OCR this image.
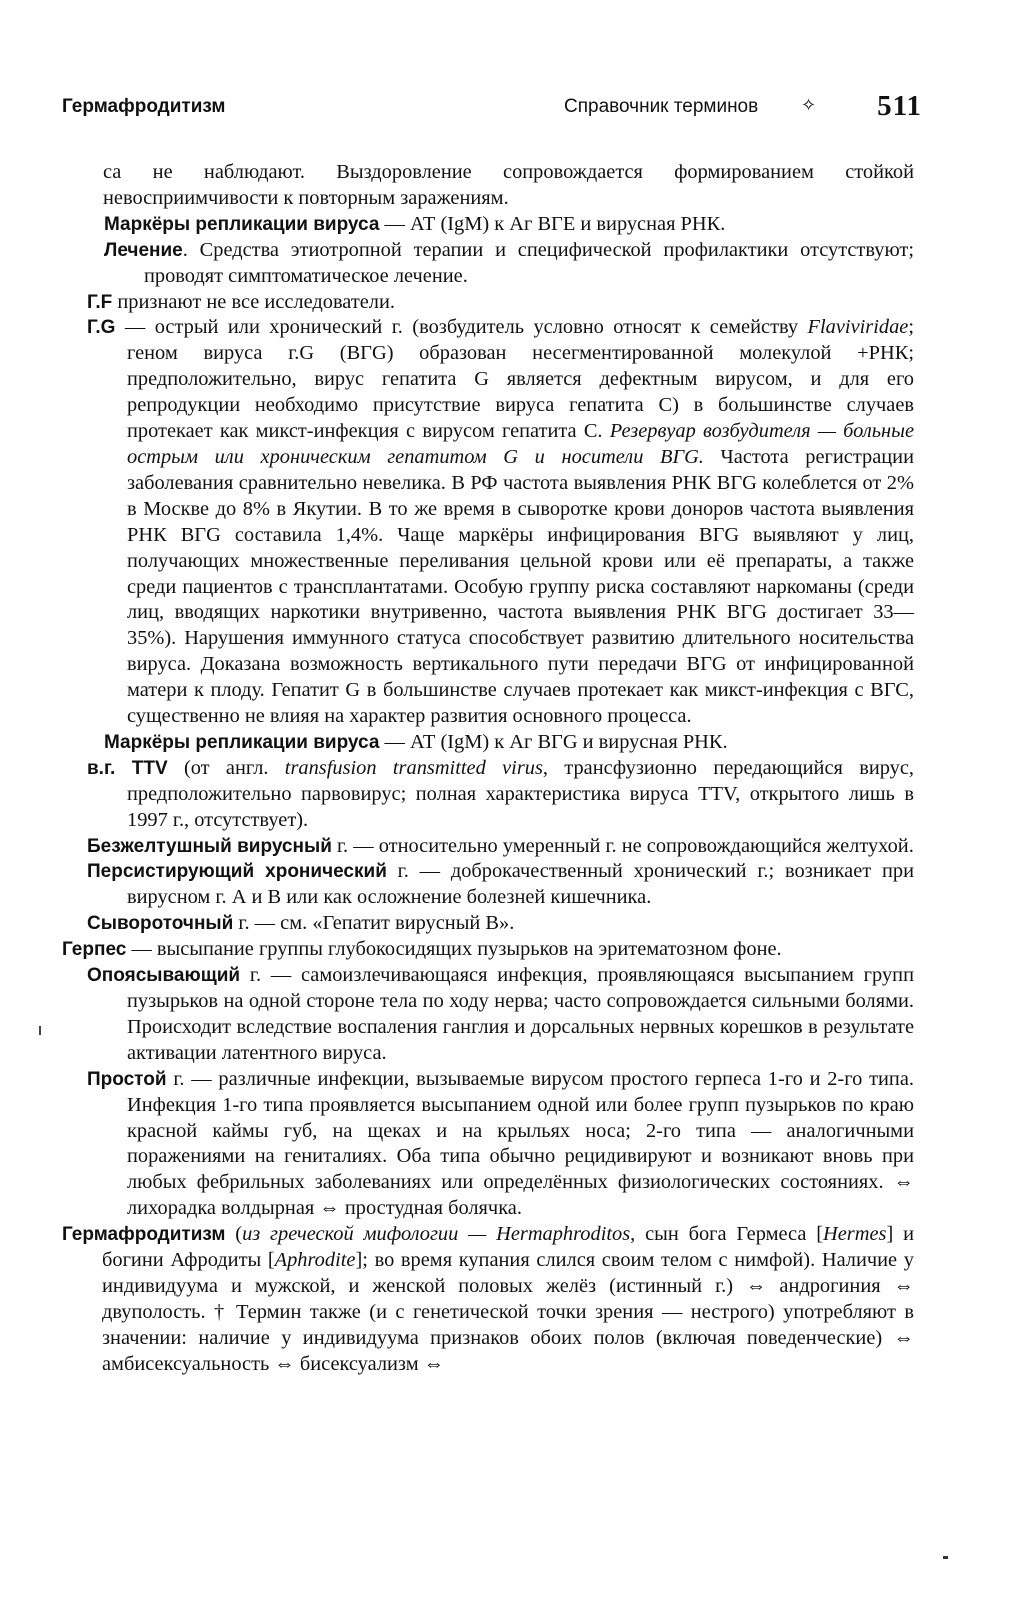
Гермафродитизм	Справочник терминов ✧ 511

са не наблюдают. Выздоровление сопровождается формированием стойкой невосприимчивости к повторным заражениям.

Маркёры репликации вируса — АТ (IgM) к Аг ВГЕ и вирусная РНК.

Лечение. Средства этиотропной терапии и специфической профилактики отсутствуют; проводят симптоматическое лечение.

Г.F признают не все исследователи.

Г.G — острый или хронический г. (возбудитель условно относят к семейству Flaviviridae; геном вируса г.G (ВГG) образован несегментированной молекулой +РНК; предположительно, вирус гепатита G является дефектным вирусом, и для его репродукции необходимо присутствие вируса гепатита С) в большинстве случаев протекает как микст-инфекция с вирусом гепатита С. Резервуар возбудителя — больные острым или хроническим гепатитом G и носители ВГG. Частота регистрации заболевания сравнительно невелика. В РФ частота выявления РНК ВГG колеблется от 2% в Москве до 8% в Якутии. В то же время в сыворотке крови доноров частота выявления РНК ВГG составила 1,4%. Чаще маркёры инфицирования ВГG выявляют у лиц, получающих множественные переливания цельной крови или её препараты, а также среди пациентов с трансплантатами. Особую группу риска составляют наркоманы (среди лиц, вводящих наркотики внутривенно, частота выявления РНК ВГG достигает 33—35%). Нарушения иммунного статуса способствует развитию длительного носительства вируса. Доказана возможность вертикального пути передачи ВГG от инфицированной матери к плоду. Гепатит G в большинстве случаев протекает как микст-инфекция с ВГС, существенно не влияя на характер развития основного процесса.

Маркёры репликации вируса — АТ (IgM) к Аг ВГG и вирусная РНК.

в.г. TTV (от англ. transfusion transmitted virus, трансфузионно передающийся вирус, предположительно парвовирус; полная характеристика вируса TTV, открытого лишь в 1997 г., отсутствует).

Безжелтушный вирусный г. — относительно умеренный г. не сопровождающийся желтухой.

Персистирующий хронический г. — доброкачественный хронический г.; возникает при вирусном г. А и В или как осложнение болезней кишечника.

Сывороточный г. — см. «Гепатит вирусный В».

Герпес — высыпание группы глубокосидящих пузырьков на эритематозном фоне.

Опоясывающий г. — самоизлечивающаяся инфекция, проявляющаяся высыпанием групп пузырьков на одной стороне тела по ходу нерва; часто сопровождается сильными болями. Происходит вследствие воспаления ганглия и дорсальных нервных корешков в результате активации латентного вируса.

Простой г. — различные инфекции, вызываемые вирусом простого герпеса 1-го и 2-го типа. Инфекция 1-го типа проявляется высыпанием одной или более групп пузырьков по краю красной каймы губ, на щеках и на крыльях носа; 2-го типа — аналогичными поражениями на гениталиях. Оба типа обычно рецидивируют и возникают вновь при любых фебрильных заболеваниях или определённых физиологических состояниях. ⇔ лихорадка волдырная ⇔ простудная болячка.

Гермафродитизм (из греческой мифологии — Hermaphroditos, сын бога Гермеса [Hermes] и богини Афродиты [Aphrodite]; во время купания слился своим телом с нимфой). Наличие у индивидуума и мужской, и женской половых желёз (истинный г.) ⇔ андрогиния ⇔ двуполость. † Термин также (и с генетической точки зрения — нестрого) употребляют в значении: наличие у индивидуума признаков обоих полов (включая поведенческие) ⇔ амбисексуальность ⇔ бисексуализм ⇔
